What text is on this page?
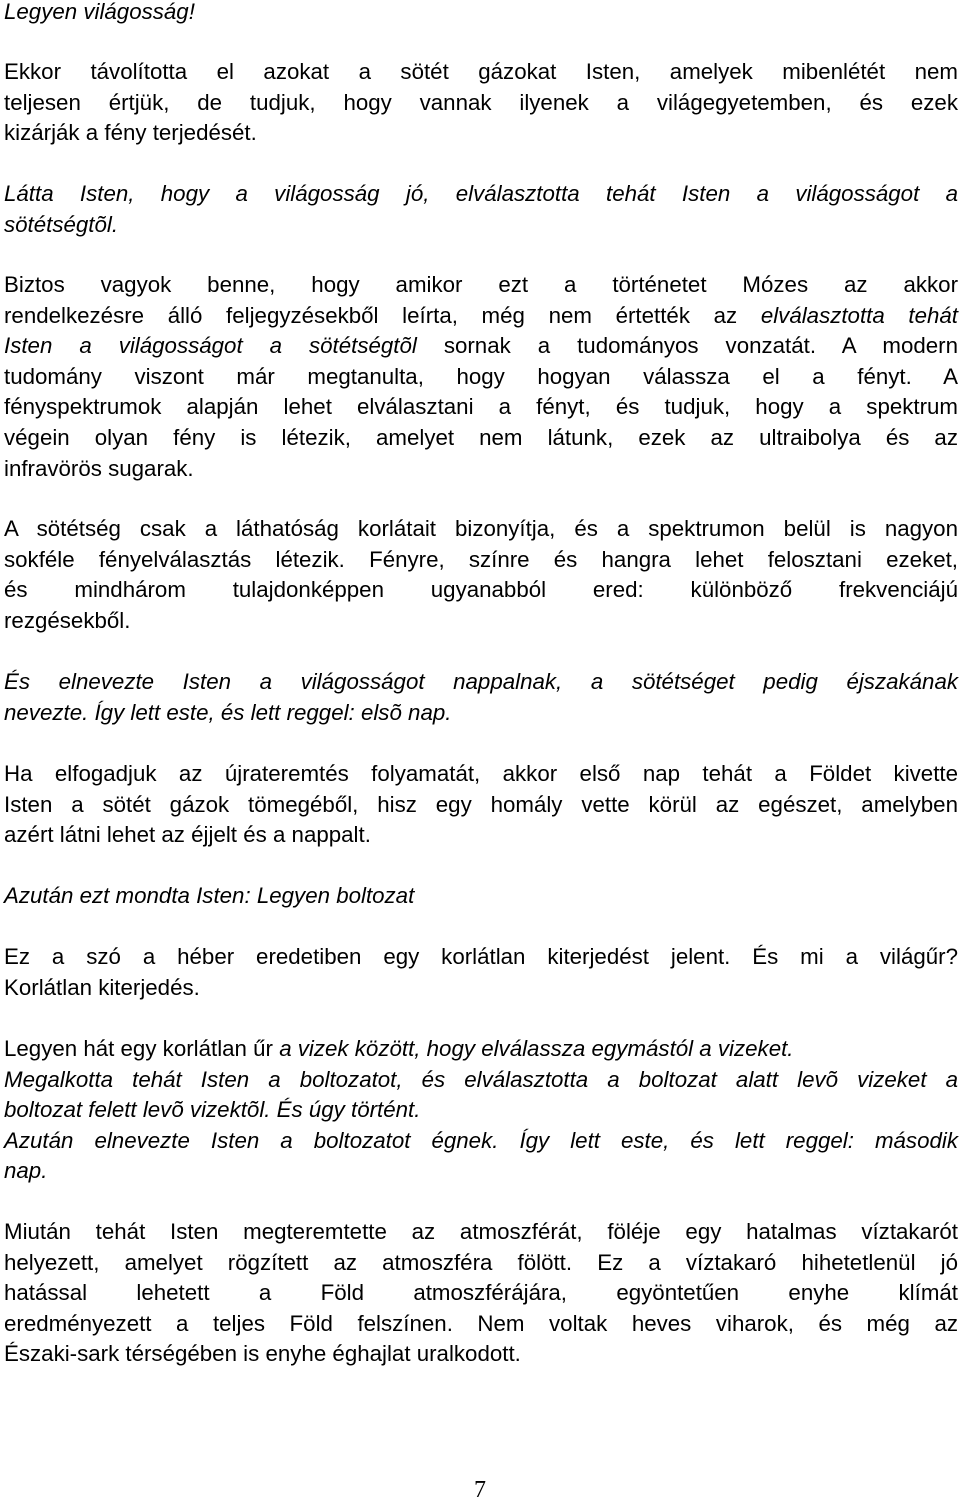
Legyen világosság!
Ekkor távolította el azokat a sötét gázokat Isten, amelyek mibenlétét nem
teljesen értjük, de tudjuk, hogy vannak ilyenek a világegyetemben, és ezek
kizárják a fény terjedését.
Látta Isten, hogy a világosság jó, elválasztotta tehát Isten a világosságot a
sötétségtõl.
Biztos vagyok benne, hogy amikor ezt a történetet Mózes az akkor
rendelkezésre álló feljegyzésekből leírta, még nem értették az elválasztotta tehát
Isten a világosságot a sötétségtõl sornak a tudományos vonzatát. A modern
tudomány viszont már megtanulta, hogy hogyan válassza el a fényt. A
fényspektrumok alapján lehet elválasztani a fényt, és tudjuk, hogy a spektrum
végein olyan fény is létezik, amelyet nem látunk, ezek az ultraibolya és az
infravörös sugarak.
A sötétség csak a láthatóság korlátait bizonyítja, és a spektrumon belül is nagyon
sokféle fényelválasztás létezik. Fényre, színre és hangra lehet felosztani ezeket,
és mindhárom tulajdonképpen ugyanabból ered: különböző frekvenciájú
rezgésekből.
És elnevezte Isten a világosságot nappalnak, a sötétséget pedig éjszakának
nevezte. Így lett este, és lett reggel: elsõ nap.
Ha elfogadjuk az újrateremtés folyamatát, akkor első nap tehát a Földet kivette
Isten a sötét gázok tömegéből, hisz egy homály vette körül az egészet, amelyben
azért látni lehet az éjjelt és a nappalt.
Azután ezt mondta Isten: Legyen boltozat
Ez a szó a héber eredetiben egy korlátlan kiterjedést jelent. És mi a világűr?
Korlátlan kiterjedés.
Legyen hát egy korlátlan űr a vizek között, hogy elválassza egymástól a vizeket.
Megalkotta tehát Isten a boltozatot, és elválasztotta a boltozat alatt levõ vizeket a
boltozat felett levõ vizektõl. És úgy történt.
Azután elnevezte Isten a boltozatot égnek. Így lett este, és lett reggel: második
nap.
Miután tehát Isten megteremtette az atmoszférát, föléje egy hatalmas víztakarót
helyezett, amelyet rögzített az atmoszféra fölött. Ez a víztakaró hihetetlenül jó
hatással lehetett a Föld atmoszférájára, egyöntetűen enyhe klímát
eredményezett a teljes Föld felszínen. Nem voltak heves viharok, és még az
Északi-sark térségében is enyhe éghajlat uralkodott.
7
